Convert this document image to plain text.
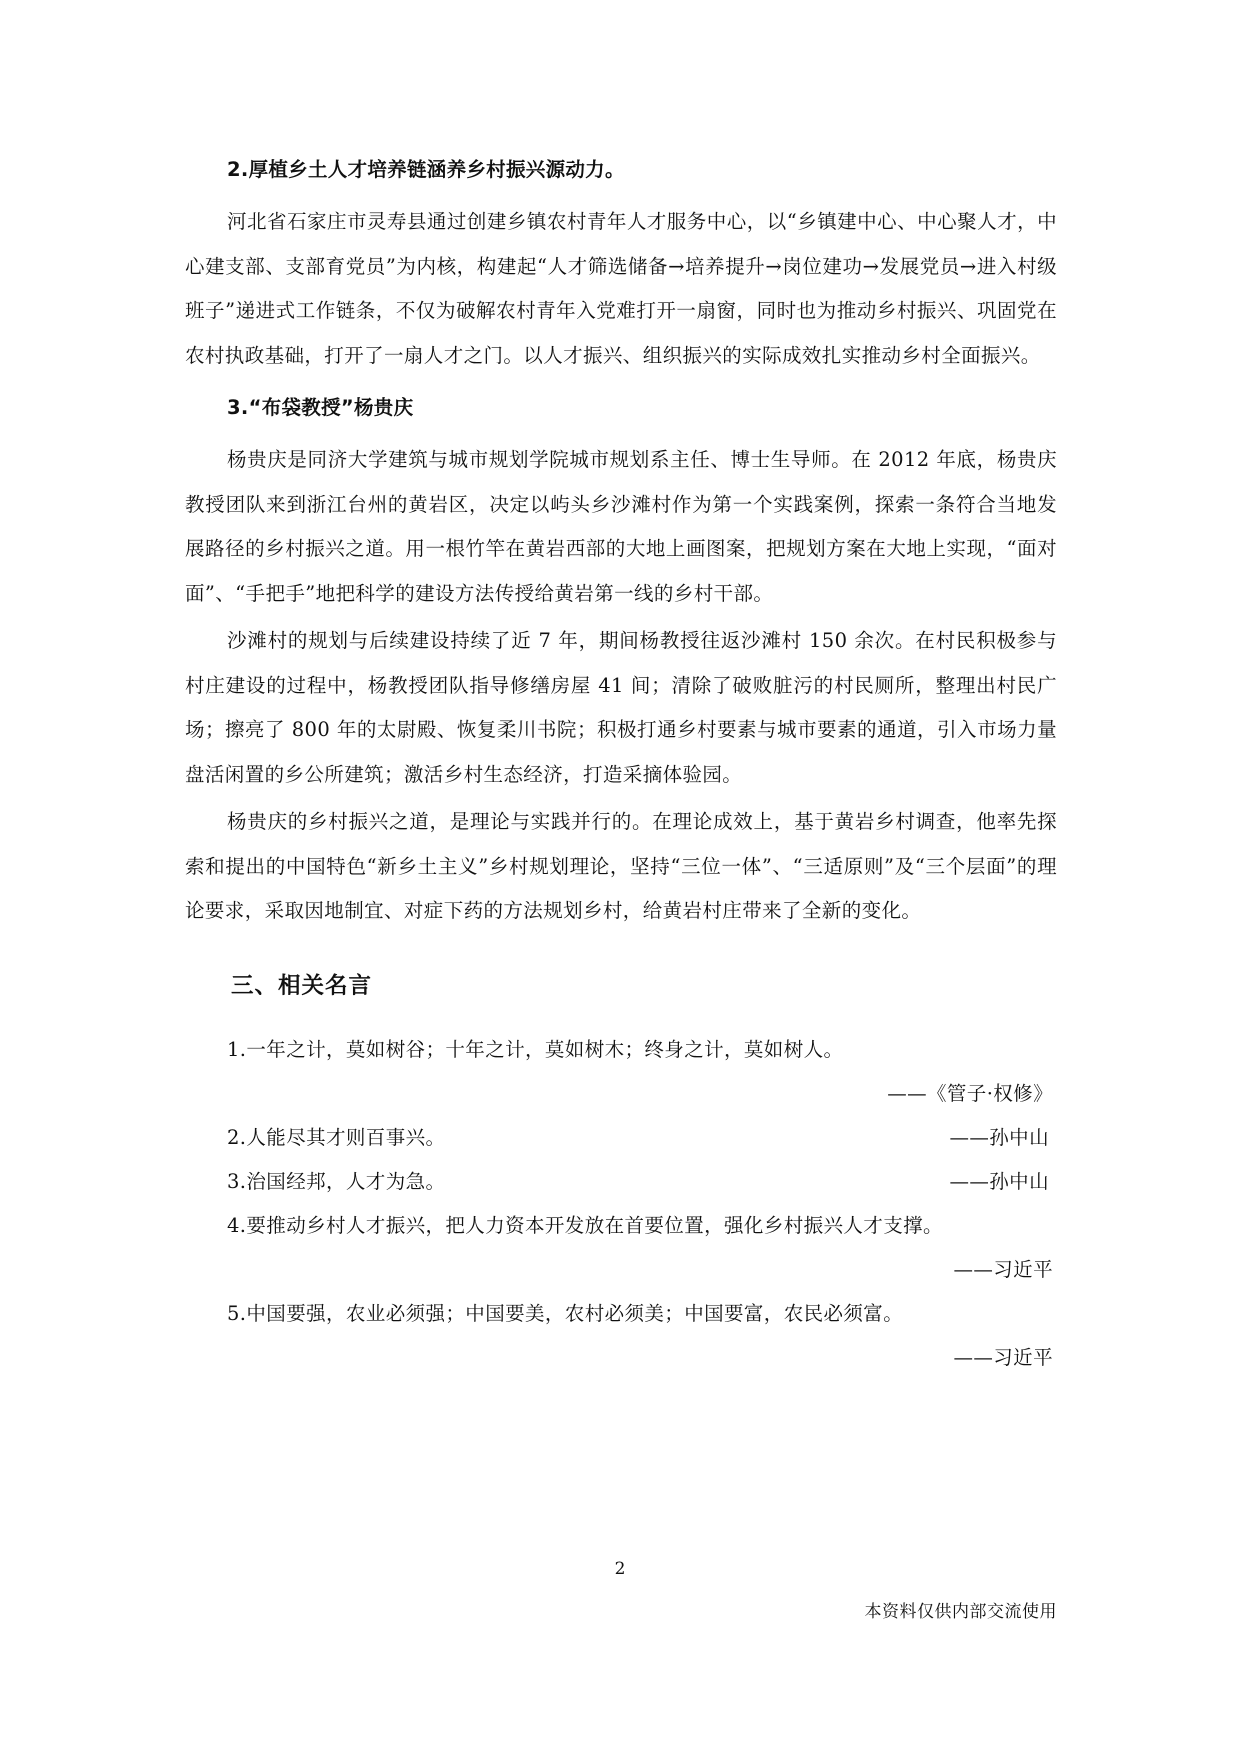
2.厚植乡土人才培养链涵养乡村振兴源动力。

河北省石家庄市灵寿县通过创建乡镇农村青年人才服务中心，以“乡镇建中心、中心聚人才，中心建支部、支部育党员”为内核，构建起“人才筛选储备→培养提升→岗位建功→发展党员→进入村级班子”递进式工作链条，不仅为破解农村青年入党难打开一扇窗，同时也为推动乡村振兴、巩固党在农村执政基础，打开了一扇人才之门。以人才振兴、组织振兴的实际成效扎实推动乡村全面振兴。

3.“布袋教授”杨贵庆

杨贵庆是同济大学建筑与城市规划学院城市规划系主任、博士生导师。在 2012 年底，杨贵庆教授团队来到浙江台州的黄岩区，决定以屿头乡沙滩村作为第一个实践案例，探索一条符合当地发展路径的乡村振兴之道。用一根竹竿在黄岩西部的大地上画图案，把规划方案在大地上实现，“面对面”、“手把手”地把科学的建设方法传授给黄岩第一线的乡村干部。

沙滩村的规划与后续建设持续了近 7 年，期间杨教授往返沙滩村 150 余次。在村民积极参与村庄建设的过程中，杨教授团队指导修缮房屋 41 间；清除了破败脏污的村民厕所，整理出村民广场；擦亮了 800 年的太尉殿、恢复柔川书院；积极打通乡村要素与城市要素的通道，引入市场力量盘活闲置的乡公所建筑；激活乡村生态经济，打造采摘体验园。

杨贵庆的乡村振兴之道，是理论与实践并行的。在理论成效上，基于黄岩乡村调查，他率先探索和提出的中国特色“新乡土主义”乡村规划理论，坚持“三位一体”、“三适原则”及“三个层面”的理论要求，采取因地制宜、对症下药的方法规划乡村，给黄岩村庄带来了全新的变化。

三、相关名言
1.一年之计，莫如树谷；十年之计，莫如树木；终身之计，莫如树人。
——《管子·权修》
2.人能尽其才则百事兴。	——孙中山
3.治国经邦，人才为急。	——孙中山
4.要推动乡村人才振兴，把人力资本开发放在首要位置，强化乡村振兴人才支撑。
——习近平
5.中国要强，农业必须强；中国要美，农村必须美；中国要富，农民必须富。
——习近平
2
本资料仅供内部交流使用
